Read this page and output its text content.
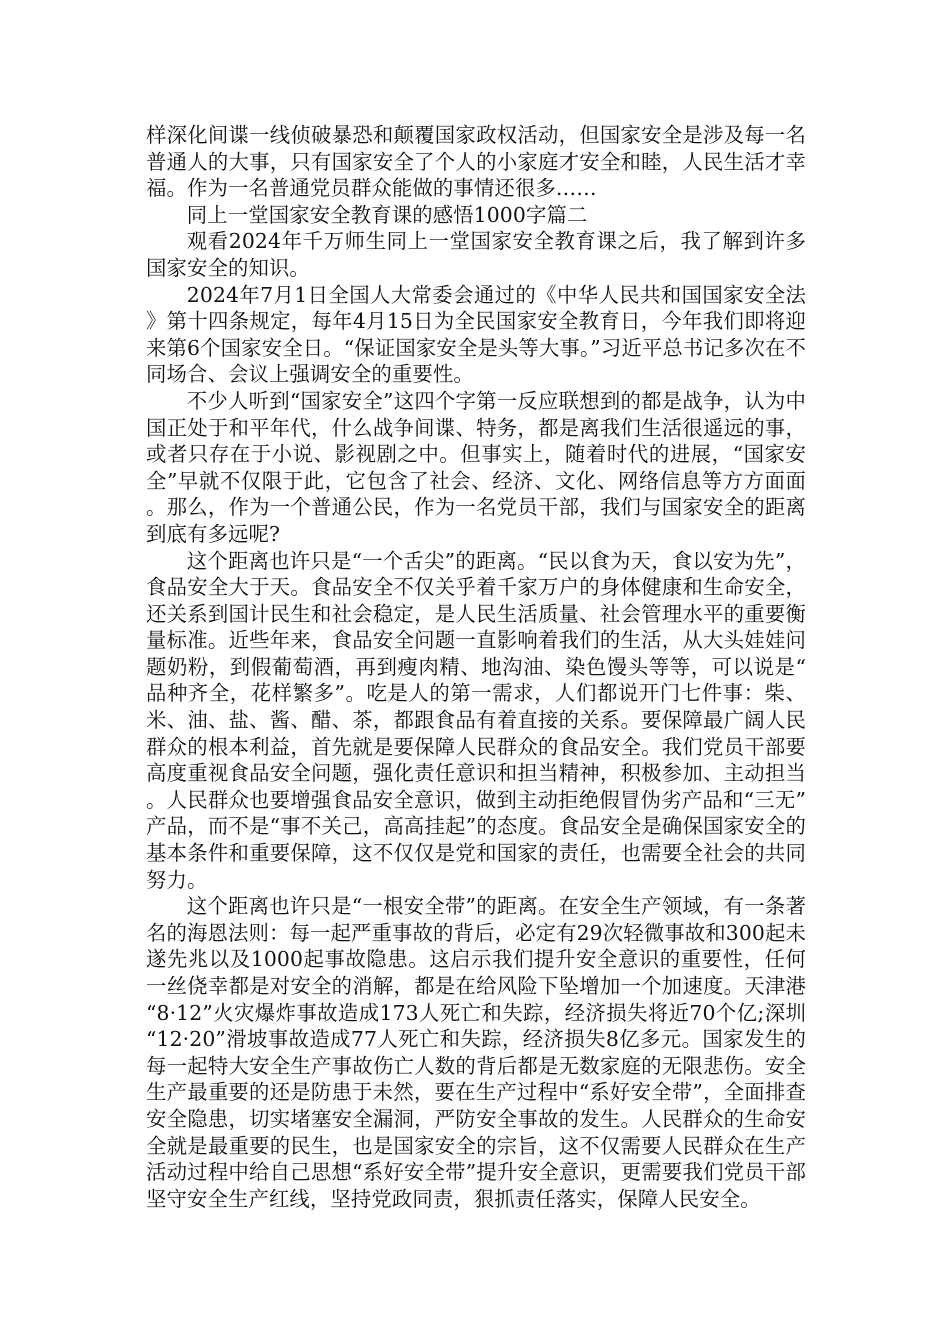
样深化间谍一线侦破暴恐和颠覆国家政权活动，但国家安全是涉及每一名普通人的大事，只有国家安全了个人的小家庭才安全和睦，人民生活才幸福。作为一名普通党员群众能做的事情还很多……

同上一堂国家安全教育课的感悟1000字篇二

观看2024年千万师生同上一堂国家安全教育课之后，我了解到许多国家安全的知识。

2024年7月1日全国人大常委会通过的《中华人民共和国国家安全法》第十四条规定，每年4月15日为全民国家安全教育日，今年我们即将迎来第6个国家安全日。“保证国家安全是头等大事。”习近平总书记多次在不同场合、会议上强调安全的重要性。

不少人听到“国家安全”这四个字第一反应联想到的都是战争，认为中国正处于和平年代，什么战争间谍、特务，都是离我们生活很遥远的事，或者只存在于小说、影视剧之中。但事实上，随着时代的进展，“国家安全”早就不仅限于此，它包含了社会、经济、文化、网络信息等方方面面。那么，作为一个普通公民，作为一名党员干部，我们与国家安全的距离到底有多远呢?

这个距离也许只是“一个舌尖”的距离。“民以食为天，食以安为先”，食品安全大于天。食品安全不仅关乎着千家万户的身体健康和生命安全，还关系到国计民生和社会稳定，是人民生活质量、社会管理水平的重要衡量标准。近些年来，食品安全问题一直影响着我们的生活，从大头娃娃问题奶粉，到假葡萄酒，再到瘦肉精、地沟油、染色馒头等等，可以说是“品种齐全，花样繁多”。吃是人的第一需求，人们都说开门七件事：柴、米、油、盐、酱、醋、茶，都跟食品有着直接的关系。要保障最广阔人民群众的根本利益，首先就是要保障人民群众的食品安全。我们党员干部要高度重视食品安全问题，强化责任意识和担当精神，积极参加、主动担当。人民群众也要增强食品安全意识，做到主动拒绝假冒伪劣产品和“三无”产品，而不是“事不关己，高高挂起”的态度。食品安全是确保国家安全的基本条件和重要保障，这不仅仅是党和国家的责任，也需要全社会的共同努力。

这个距离也许只是“一根安全带”的距离。在安全生产领域，有一条著名的海恩法则：每一起严重事故的背后，必定有29次轻微事故和300起未遂先兆以及1000起事故隐患。这启示我们提升安全意识的重要性，任何一丝侥幸都是对安全的消解，都是在给风险下坠增加一个加速度。天津港“8·12”火灾爆炸事故造成173人死亡和失踪，经济损失将近70个亿;深圳“12·20”滑坡事故造成77人死亡和失踪，经济损失8亿多元。国家发生的每一起特大安全生产事故伤亡人数的背后都是无数家庭的无限悲伤。安全生产最重要的还是防患于未然，要在生产过程中“系好安全带”，全面排查安全隐患，切实堵塞安全漏洞，严防安全事故的发生。人民群众的生命安全就是最重要的民生，也是国家安全的宗旨，这不仅需要人民群众在生产活动过程中给自己思想“系好安全带”提升安全意识，更需要我们党员干部坚守安全生产红线，坚持党政同责，狠抓责任落实，保障人民安全。
